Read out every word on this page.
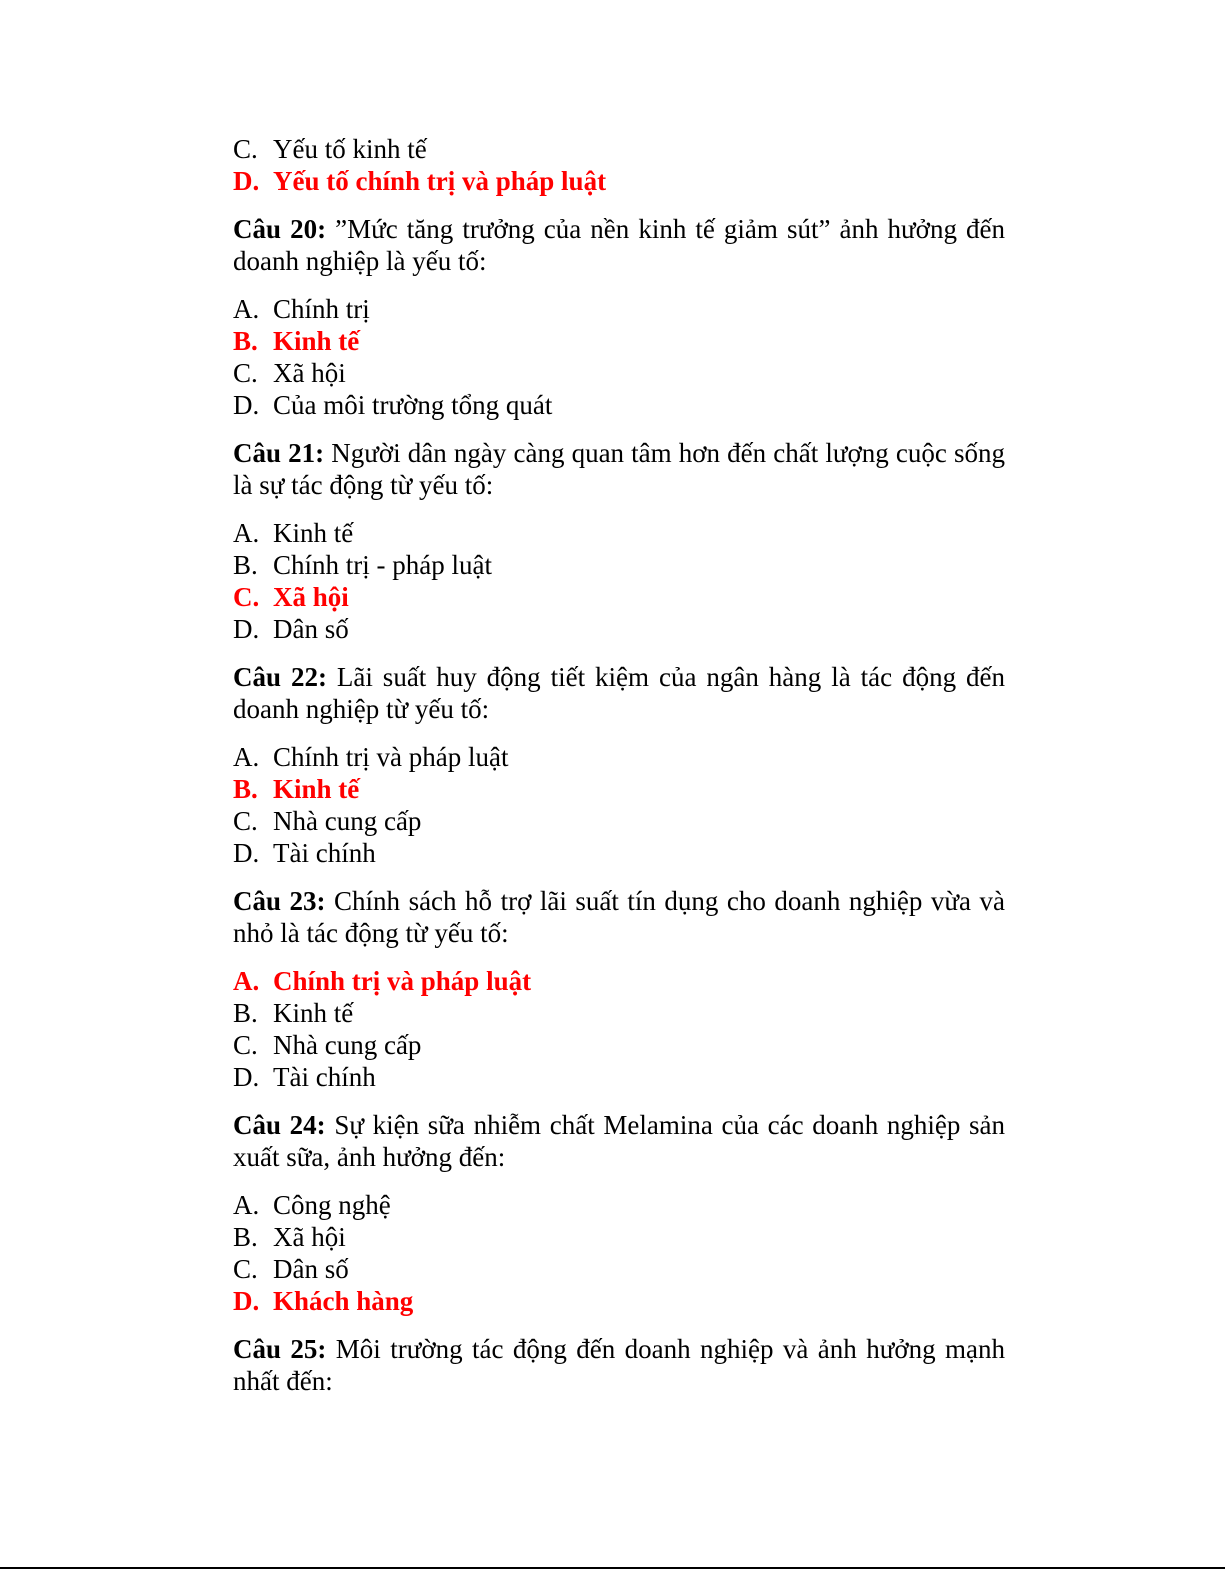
C. Yếu tố kinh tế
D. Yếu tố chính trị và pháp luật

Câu 20: ”Mức tăng trưởng của nền kinh tế giảm sút” ảnh hưởng đến doanh nghiệp là yếu tố:

A. Chính trị
B. Kinh tế
C. Xã hội
D. Của môi trường tổng quát

Câu 21: Người dân ngày càng quan tâm hơn đến chất lượng cuộc sống là sự tác động từ yếu tố:

A. Kinh tế
B. Chính trị - pháp luật
C. Xã hội
D. Dân số

Câu 22: Lãi suất huy động tiết kiệm của ngân hàng là tác động đến doanh nghiệp từ yếu tố:

A. Chính trị và pháp luật
B. Kinh tế
C. Nhà cung cấp
D. Tài chính

Câu 23: Chính sách hỗ trợ lãi suất tín dụng cho doanh nghiệp vừa và nhỏ là tác động từ yếu tố:

A. Chính trị và pháp luật
B. Kinh tế
C. Nhà cung cấp
D. Tài chính

Câu 24: Sự kiện sữa nhiễm chất Melamina của các doanh nghiệp sản xuất sữa, ảnh hưởng đến:

A. Công nghệ
B. Xã hội
C. Dân số
D. Khách hàng

Câu 25: Môi trường tác động đến doanh nghiệp và ảnh hưởng mạnh nhất đến:
